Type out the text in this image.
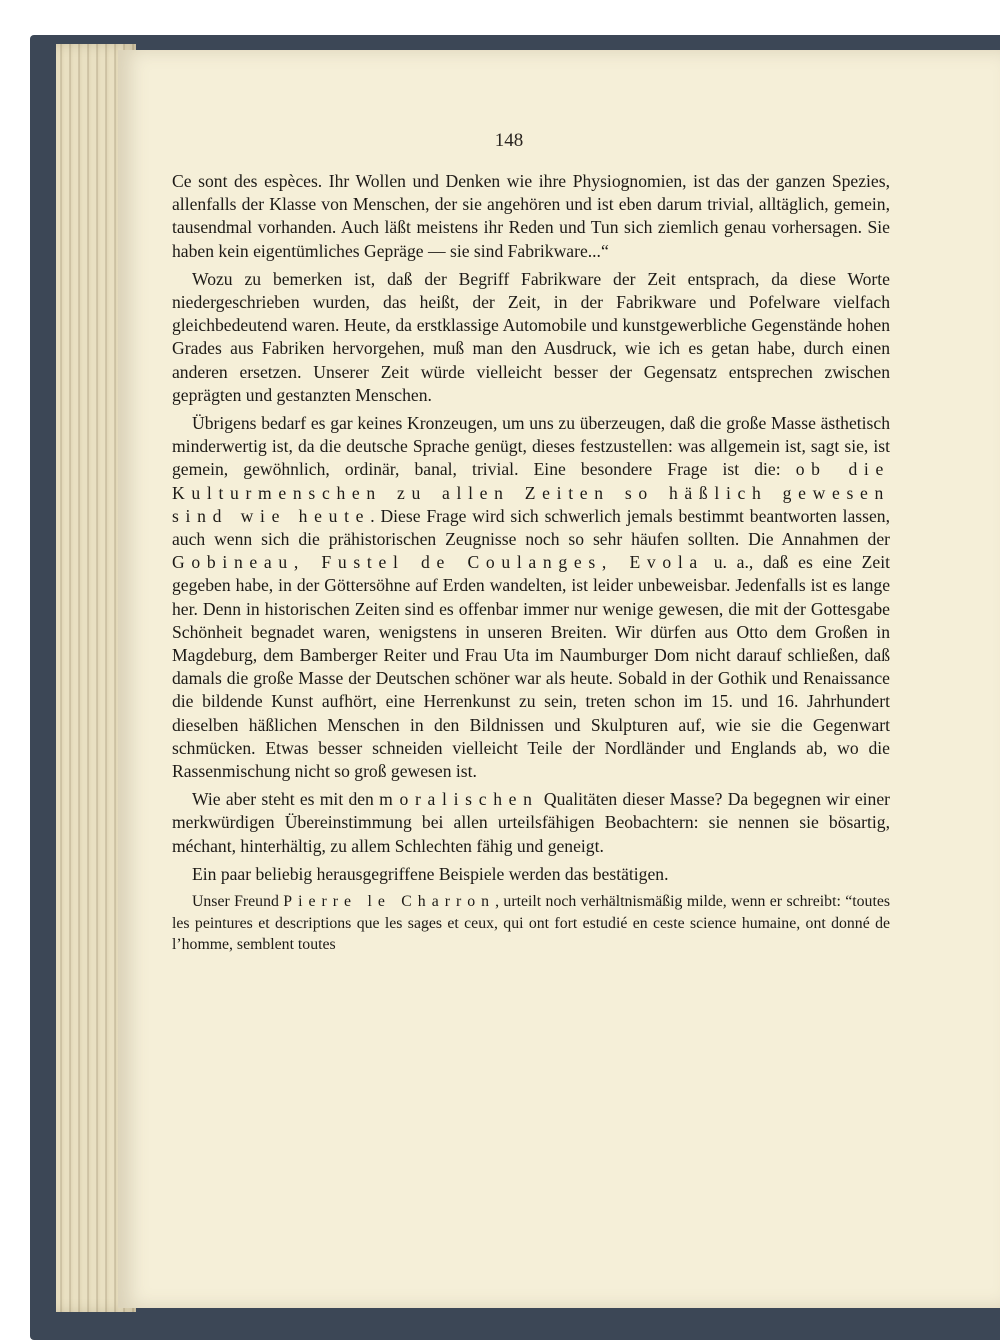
148

Ce sont des espèces. Ihr Wollen und Denken wie ihre Physiognomien, ist das der ganzen Spezies, allenfalls der Klasse von Menschen, der sie angehören und ist eben darum trivial, alltäglich, gemein, tausendmal vorhanden. Auch läßt meistens ihr Reden und Tun sich ziemlich genau vorhersagen. Sie haben kein eigentümliches Gepräge — sie sind Fabrikware...“

Wozu zu bemerken ist, daß der Begriff Fabrikware der Zeit entsprach, da diese Worte niedergeschrieben wurden, das heißt, der Zeit, in der Fabrikware und Pofelware vielfach gleichbedeutend waren. Heute, da erstklassige Automobile und kunstgewerbliche Gegenstände hohen Grades aus Fabriken hervorgehen, muß man den Ausdruck, wie ich es getan habe, durch einen anderen ersetzen. Unserer Zeit würde vielleicht besser der Gegensatz entsprechen zwischen geprägten und gestanzten Menschen.

Übrigens bedarf es gar keines Kronzeugen, um uns zu überzeugen, daß die große Masse ästhetisch minderwertig ist, da die deutsche Sprache genügt, dieses festzustellen: was allgemein ist, sagt sie, ist gemein, gewöhnlich, ordinär, banal, trivial. Eine besondere Frage ist die: ob die Kulturmenschen zu allen Zeiten so häßlich gewesen sind wie heute. Diese Frage wird sich schwerlich jemals bestimmt beantworten lassen, auch wenn sich die prähistorischen Zeugnisse noch so sehr häufen sollten. Die Annahmen der Gobineau, Fustel de Coulanges, Evola u. a., daß es eine Zeit gegeben habe, in der Göttersöhne auf Erden wandelten, ist leider unbeweisbar. Jedenfalls ist es lange her. Denn in historischen Zeiten sind es offenbar immer nur wenige gewesen, die mit der Gottesgabe Schönheit begnadet waren, wenigstens in unseren Breiten. Wir dürfen aus Otto dem Großen in Magdeburg, dem Bamberger Reiter und Frau Uta im Naumburger Dom nicht darauf schließen, daß damals die große Masse der Deutschen schöner war als heute. Sobald in der Gothik und Renaissance die bildende Kunst aufhört, eine Herrenkunst zu sein, treten schon im 15. und 16. Jahrhundert dieselben häßlichen Menschen in den Bildnissen und Skulpturen auf, wie sie die Gegenwart schmücken. Etwas besser schneiden vielleicht Teile der Nordländer und Englands ab, wo die Rassenmischung nicht so groß gewesen ist.

Wie aber steht es mit den moralischen Qualitäten dieser Masse? Da begegnen wir einer merkwürdigen Übereinstimmung bei allen urteilsfähigen Beobachtern: sie nennen sie bösartig, méchant, hinterhältig, zu allem Schlechten fähig und geneigt.

Ein paar beliebig herausgegriffene Beispiele werden das bestätigen.

Unser Freund Pierre le Charron, urteilt noch verhältnismäßig milde, wenn er schreibt: “toutes les peintures et descriptions que les sages et ceux, qui ont fort estudié en ceste science humaine, ont donné de l’homme, semblent toutes
